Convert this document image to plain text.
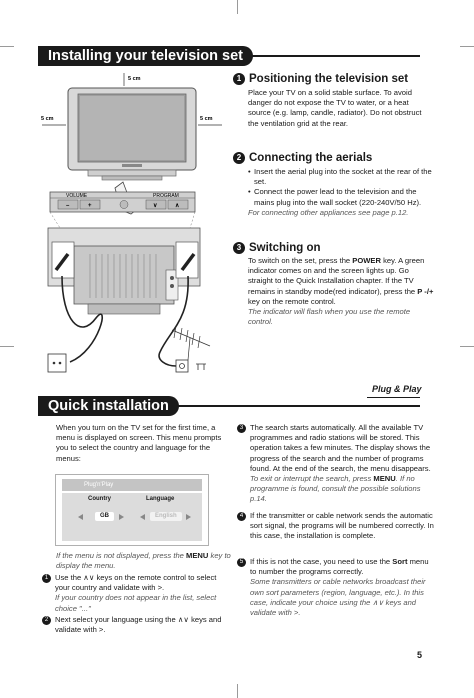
Installing your television set
5 cm
5 cm	5 cm
VOLUME	PROGRAM
–	+	∨	∧
1 Positioning the television set
Place your TV on a solid stable surface. To avoid danger do not expose the TV to water, or a heat source (e.g. lamp, candle, radiator). Do not obstruct the ventilation grid at the rear.
2 Connecting the aerials
• Insert the aerial plug into the socket at the rear of the set.
• Connect the power lead to the television and the mains plug into the wall socket (220-240V/50 Hz).
For connecting other appliances see page p.12.
3 Switching on
To switch on the set, press the POWER key. A green indicator comes on and the screen lights up. Go straight to the Quick Installation chapter. If the TV remains in standby mode(red indicator), press the P -/+ key on the remote control.
The indicator will flash when you use the remote control.
Plug & Play
Quick installation
When you turn on the TV set for the first time, a menu is displayed on screen. This menu prompts you to select the country and language for the menus:
Plug'n'Play
Country	Language
GB	English
If the menu is not displayed, press the MENU key to display the menu.
1 Use the ∧∨ keys on the remote control to select your country and validate with >.
If your country does not appear in the list, select choice "..."
2 Next select your language using the ∧∨ keys and validate with >.
3 The search starts automatically. All the available TV programmes and radio stations will be stored. This operation takes a few minutes. The display shows the progress of the search and the number of programs found. At the end of the search, the menu disappears.
To exit or interrupt the search, press MENU. If no programme is found, consult the possible solutions p.14.
4 If the transmitter or cable network sends the automatic sort signal, the programs will be numbered correctly. In this case, the installation is complete.
5 If this is not the case, you need to use the Sort menu to number the programs correctly.
Some transmitters or cable networks broadcast their own sort parameters (region, language, etc.). In this case, indicate your choice using the ∧∨ keys and validate with >.
5
